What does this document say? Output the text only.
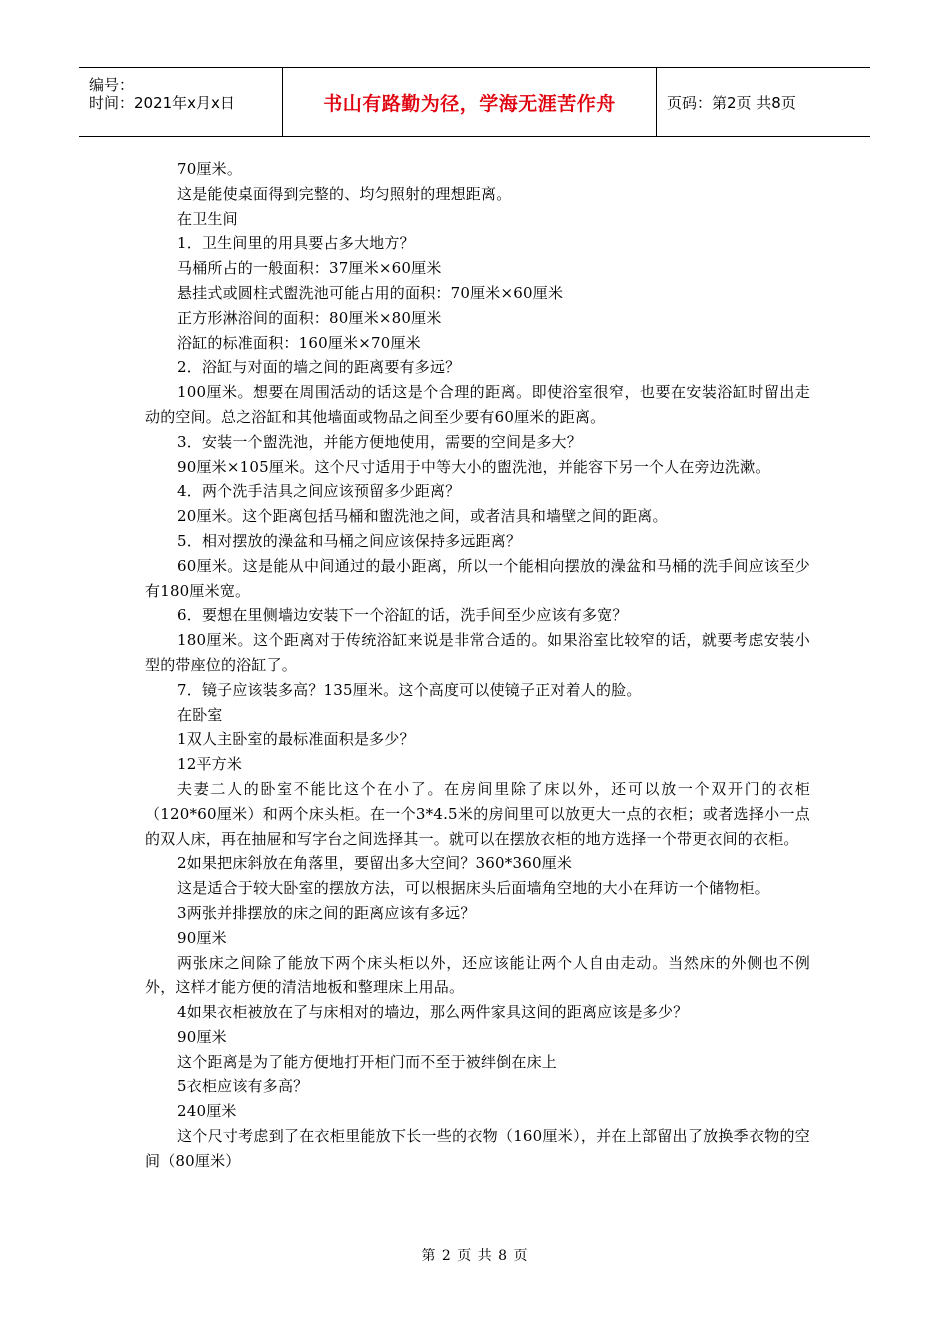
编号：
时间：2021年x月x日	书山有路勤为径，学海无涯苦作舟	页码：第2页 共8页

70厘米。

这是能使桌面得到完整的、均匀照射的理想距离。

在卫生间

1．卫生间里的用具要占多大地方？

马桶所占的一般面积：37厘米×60厘米

悬挂式或圆柱式盥洗池可能占用的面积：70厘米×60厘米

正方形淋浴间的面积：80厘米×80厘米

浴缸的标准面积：160厘米×70厘米

2．浴缸与对面的墙之间的距离要有多远？

100厘米。想要在周围活动的话这是个合理的距离。即使浴室很窄，也要在安装浴缸时留出走动的空间。总之浴缸和其他墙面或物品之间至少要有60厘米的距离。

3．安装一个盥洗池，并能方便地使用，需要的空间是多大？

90厘米×105厘米。这个尺寸适用于中等大小的盥洗池，并能容下另一个人在旁边洗漱。

4．两个洗手洁具之间应该预留多少距离？

20厘米。这个距离包括马桶和盥洗池之间，或者洁具和墙壁之间的距离。

5．相对摆放的澡盆和马桶之间应该保持多远距离？

60厘米。这是能从中间通过的最小距离，所以一个能相向摆放的澡盆和马桶的洗手间应该至少有180厘米宽。

6．要想在里侧墙边安装下一个浴缸的话，洗手间至少应该有多宽？

180厘米。这个距离对于传统浴缸来说是非常合适的。如果浴室比较窄的话，就要考虑安装小型的带座位的浴缸了。

7．镜子应该装多高？135厘米。这个高度可以使镜子正对着人的脸。

在卧室

1双人主卧室的最标准面积是多少？

12平方米

夫妻二人的卧室不能比这个在小了。在房间里除了床以外，还可以放一个双开门的衣柜（120*60厘米）和两个床头柜。在一个3*4.5米的房间里可以放更大一点的衣柜；或者选择小一点的双人床，再在抽屉和写字台之间选择其一。就可以在摆放衣柜的地方选择一个带更衣间的衣柜。

2如果把床斜放在角落里，要留出多大空间？360*360厘米

这是适合于较大卧室的摆放方法，可以根据床头后面墙角空地的大小在拜访一个储物柜。

3两张并排摆放的床之间的距离应该有多远？

90厘米

两张床之间除了能放下两个床头柜以外，还应该能让两个人自由走动。当然床的外侧也不例外，这样才能方便的清洁地板和整理床上用品。

4如果衣柜被放在了与床相对的墙边，那么两件家具这间的距离应该是多少？

90厘米

这个距离是为了能方便地打开柜门而不至于被绊倒在床上

5衣柜应该有多高？

240厘米

这个尺寸考虑到了在衣柜里能放下长一些的衣物（160厘米），并在上部留出了放换季衣物的空间（80厘米）

第 2 页 共 8 页
